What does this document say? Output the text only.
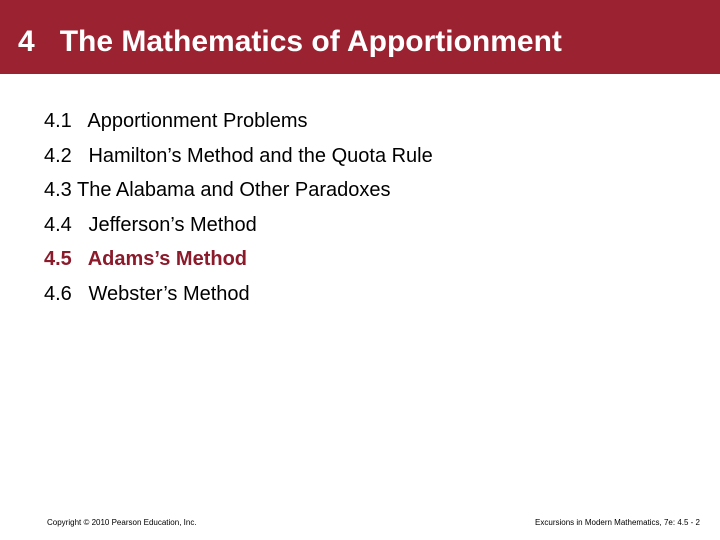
4   The Mathematics of Apportionment
4.1   Apportionment Problems
4.2   Hamilton’s Method and the Quota Rule
4.3 The Alabama and Other Paradoxes
4.4   Jefferson’s Method
4.5   Adams’s Method
4.6   Webster’s Method
Copyright © 2010 Pearson Education, Inc.	Excursions in Modern Mathematics, 7e: 4.5 - 2
